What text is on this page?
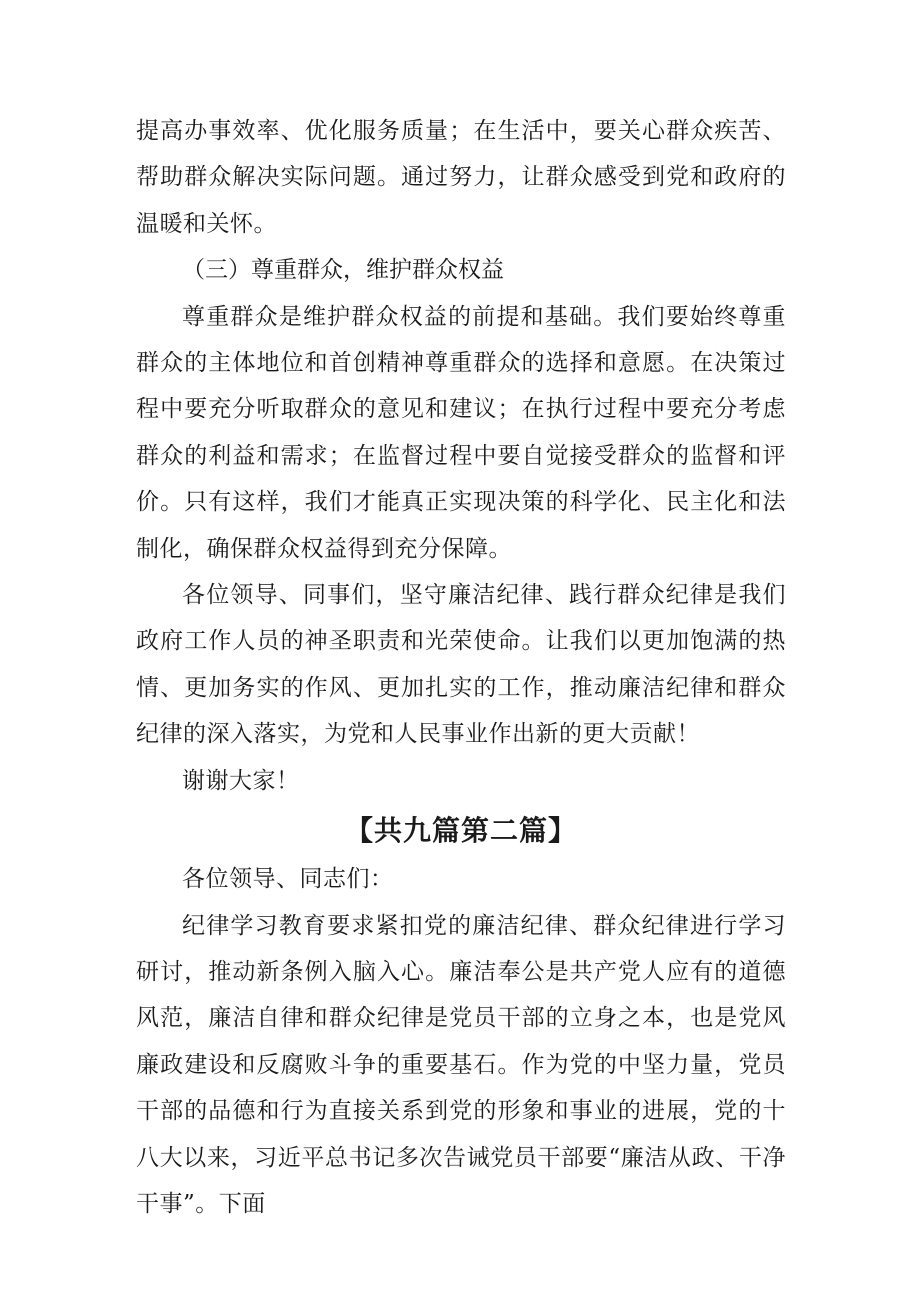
提高办事效率、优化服务质量；在生活中，要关心群众疾苦、帮助群众解决实际问题。通过努力，让群众感受到党和政府的温暖和关怀。

（三）尊重群众，维护群众权益

尊重群众是维护群众权益的前提和基础。我们要始终尊重群众的主体地位和首创精神尊重群众的选择和意愿。在决策过程中要充分听取群众的意见和建议；在执行过程中要充分考虑群众的利益和需求；在监督过程中要自觉接受群众的监督和评价。只有这样，我们才能真正实现决策的科学化、民主化和法制化，确保群众权益得到充分保障。

各位领导、同事们，坚守廉洁纪律、践行群众纪律是我们政府工作人员的神圣职责和光荣使命。让我们以更加饱满的热情、更加务实的作风、更加扎实的工作，推动廉洁纪律和群众纪律的深入落实，为党和人民事业作出新的更大贡献！

谢谢大家！

【共九篇第二篇】

各位领导、同志们：

纪律学习教育要求紧扣党的廉洁纪律、群众纪律进行学习研讨，推动新条例入脑入心。廉洁奉公是共产党人应有的道德风范，廉洁自律和群众纪律是党员干部的立身之本，也是党风廉政建设和反腐败斗争的重要基石。作为党的中坚力量，党员干部的品德和行为直接关系到党的形象和事业的进展，党的十八大以来，习近平总书记多次告诫党员干部要“廉洁从政、干净干事”。下面
